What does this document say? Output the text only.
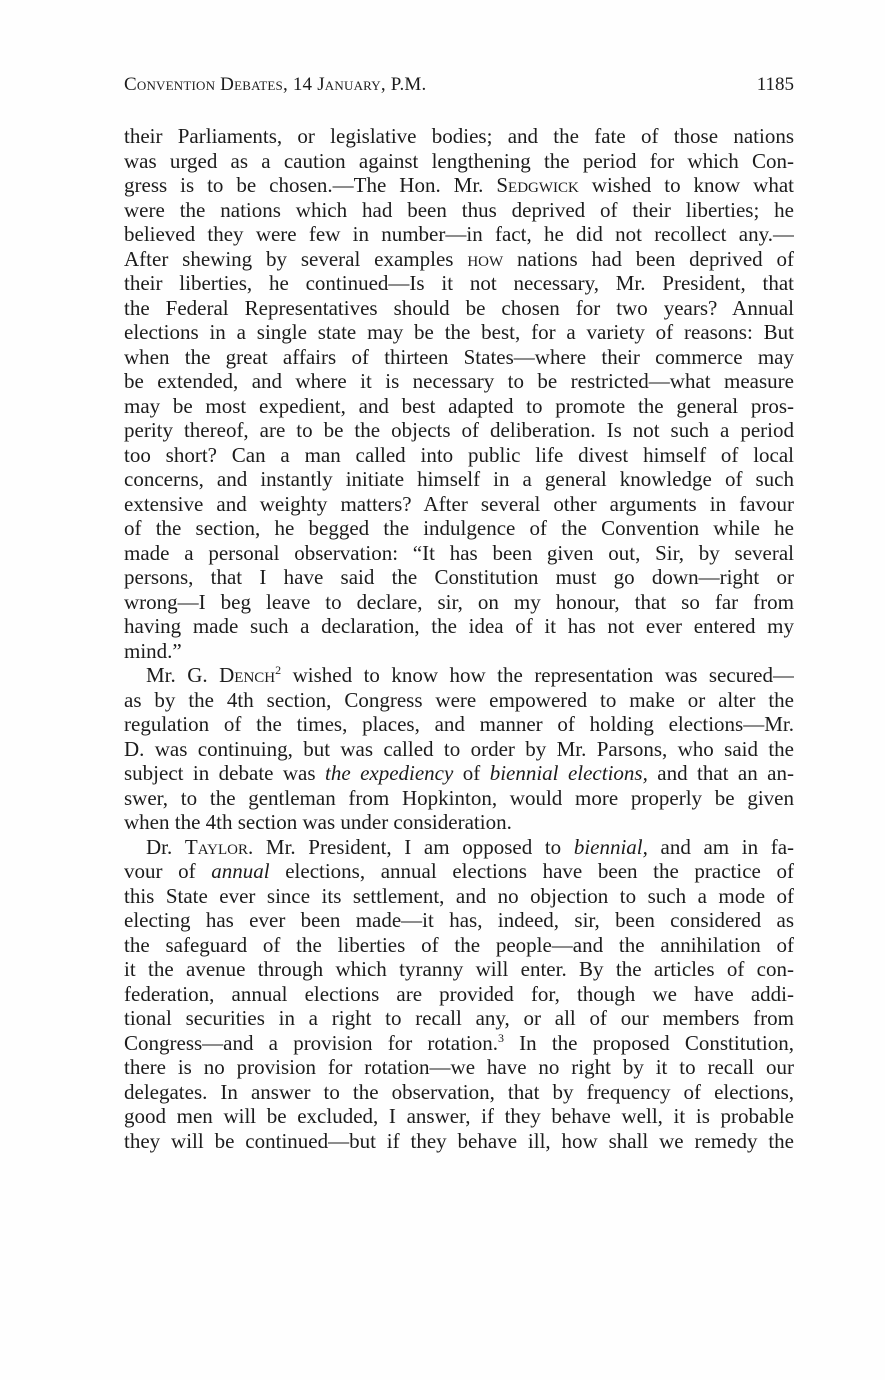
Convention Debates, 14 January, P.M.	1185
their Parliaments, or legislative bodies; and the fate of those nations
was urged as a caution against lengthening the period for which Con-
gress is to be chosen.—The Hon. Mr. Sedgwick wished to know what
were the nations which had been thus deprived of their liberties; he
believed they were few in number—in fact, he did not recollect any.—
After shewing by several examples how nations had been deprived of
their liberties, he continued—Is it not necessary, Mr. President, that
the Federal Representatives should be chosen for two years? Annual
elections in a single state may be the best, for a variety of reasons: But
when the great affairs of thirteen States—where their commerce may
be extended, and where it is necessary to be restricted—what measure
may be most expedient, and best adapted to promote the general pros-
perity thereof, are to be the objects of deliberation. Is not such a period
too short? Can a man called into public life divest himself of local
concerns, and instantly initiate himself in a general knowledge of such
extensive and weighty matters? After several other arguments in favour
of the section, he begged the indulgence of the Convention while he
made a personal observation: “It has been given out, Sir, by several
persons, that I have said the Constitution must go down—right or
wrong—I beg leave to declare, sir, on my honour, that so far from
having made such a declaration, the idea of it has not ever entered my
mind.”
Mr. G. Dench$^2$ wished to know how the representation was secured—
as by the 4th section, Congress were empowered to make or alter the
regulation of the times, places, and manner of holding elections—Mr.
D. was continuing, but was called to order by Mr. Parsons, who said the
subject in debate was the expediency of biennial elections, and that an an-
swer, to the gentleman from Hopkinton, would more properly be given
when the 4th section was under consideration.
Dr. Taylor. Mr. President, I am opposed to biennial, and am in fa-
vour of annual elections, annual elections have been the practice of
this State ever since its settlement, and no objection to such a mode of
electing has ever been made—it has, indeed, sir, been considered as
the safeguard of the liberties of the people—and the annihilation of
it the avenue through which tyranny will enter. By the articles of con-
federation, annual elections are provided for, though we have addi-
tional securities in a right to recall any, or all of our members from
Congress—and a provision for rotation.$^3$ In the proposed Constitution,
there is no provision for rotation—we have no right by it to recall our
delegates. In answer to the observation, that by frequency of elections,
good men will be excluded, I answer, if they behave well, it is probable
they will be continued—but if they behave ill, how shall we remedy the
